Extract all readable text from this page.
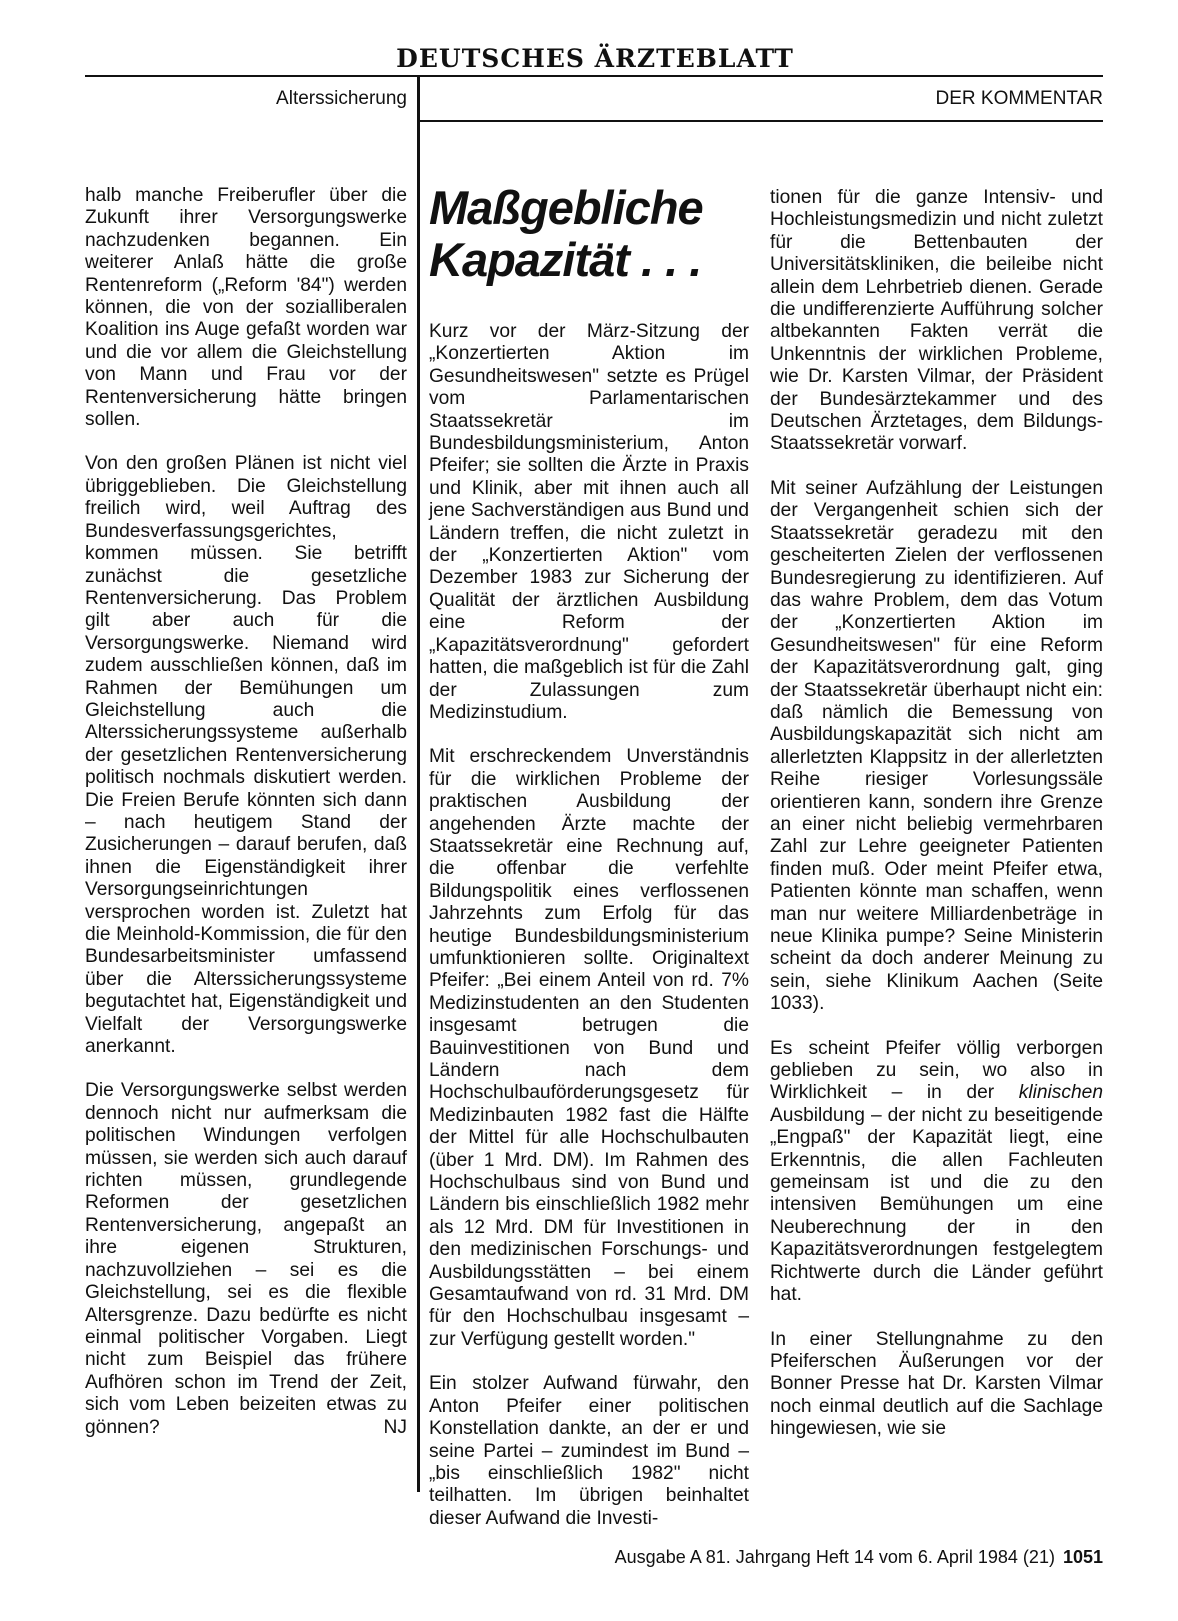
DEUTSCHES ÄRZTEBLATT
Alterssicherung	DER KOMMENTAR

halb manche Freiberufler über die Zukunft ihrer Versorgungswerke nachzudenken begannen. Ein weiterer Anlaß hätte die große Rentenreform („Reform '84") werden können, die von der sozialliberalen Koalition ins Auge gefaßt worden war und die vor allem die Gleichstellung von Mann und Frau vor der Rentenversicherung hätte bringen sollen.

Von den großen Plänen ist nicht viel übriggeblieben. Die Gleichstellung freilich wird, weil Auftrag des Bundesverfassungsgerichtes, kommen müssen. Sie betrifft zunächst die gesetzliche Rentenversicherung. Das Problem gilt aber auch für die Versorgungswerke. Niemand wird zudem ausschließen können, daß im Rahmen der Bemühungen um Gleichstellung auch die Alterssicherungssysteme außerhalb der gesetzlichen Rentenversicherung politisch nochmals diskutiert werden. Die Freien Berufe könnten sich dann – nach heutigem Stand der Zusicherungen – darauf berufen, daß ihnen die Eigenständigkeit ihrer Versorgungseinrichtungen versprochen worden ist. Zuletzt hat die Meinhold-Kommission, die für den Bundesarbeitsminister umfassend über die Alterssicherungssysteme begutachtet hat, Eigenständigkeit und Vielfalt der Versorgungswerke anerkannt.

Die Versorgungswerke selbst werden dennoch nicht nur aufmerksam die politischen Windungen verfolgen müssen, sie werden sich auch darauf richten müssen, grundlegende Reformen der gesetzlichen Rentenversicherung, angepaßt an ihre eigenen Strukturen, nachzuvollziehen – sei es die Gleichstellung, sei es die flexible Altersgrenze. Dazu bedürfte es nicht einmal politischer Vorgaben. Liegt nicht zum Beispiel das frühere Aufhören schon im Trend der Zeit, sich vom Leben beizeiten etwas zu gönnen?	NJ

Maßgebliche Kapazität . . .

Kurz vor der März-Sitzung der „Konzertierten Aktion im Gesundheitswesen" setzte es Prügel vom Parlamentarischen Staatssekretär im Bundesbildungsministerium, Anton Pfeifer; sie sollten die Ärzte in Praxis und Klinik, aber mit ihnen auch all jene Sachverständigen aus Bund und Ländern treffen, die nicht zuletzt in der „Konzertierten Aktion" vom Dezember 1983 zur Sicherung der Qualität der ärztlichen Ausbildung eine Reform der „Kapazitätsverordnung" gefordert hatten, die maßgeblich ist für die Zahl der Zulassungen zum Medizinstudium.

Mit erschreckendem Unverständnis für die wirklichen Probleme der praktischen Ausbildung der angehenden Ärzte machte der Staatssekretär eine Rechnung auf, die offenbar die verfehlte Bildungspolitik eines verflossenen Jahrzehnts zum Erfolg für das heutige Bundesbildungsministerium umfunktionieren sollte. Originaltext Pfeifer: „Bei einem Anteil von rd. 7% Medizinstudenten an den Studenten insgesamt betrugen die Bauinvestitionen von Bund und Ländern nach dem Hochschulbauförderungsgesetz für Medizinbauten 1982 fast die Hälfte der Mittel für alle Hochschulbauten (über 1 Mrd. DM). Im Rahmen des Hochschulbaus sind von Bund und Ländern bis einschließlich 1982 mehr als 12 Mrd. DM für Investitionen in den medizinischen Forschungs- und Ausbildungsstätten – bei einem Gesamtaufwand von rd. 31 Mrd. DM für den Hochschulbau insgesamt – zur Verfügung gestellt worden."

Ein stolzer Aufwand fürwahr, den Anton Pfeifer einer politischen Konstellation dankte, an der er und seine Partei – zumindest im Bund – „bis einschließlich 1982" nicht teilhatten. Im übrigen beinhaltet dieser Aufwand die Investi-

tionen für die ganze Intensiv- und Hochleistungsmedizin und nicht zuletzt für die Bettenbauten der Universitätskliniken, die beileibe nicht allein dem Lehrbetrieb dienen. Gerade die undifferenzierte Aufführung solcher altbekannten Fakten verrät die Unkenntnis der wirklichen Probleme, wie Dr. Karsten Vilmar, der Präsident der Bundesärztekammer und des Deutschen Ärztetages, dem Bildungs-Staatssekretär vorwarf.

Mit seiner Aufzählung der Leistungen der Vergangenheit schien sich der Staatssekretär geradezu mit den gescheiterten Zielen der verflossenen Bundesregierung zu identifizieren. Auf das wahre Problem, dem das Votum der „Konzertierten Aktion im Gesundheitswesen" für eine Reform der Kapazitätsverordnung galt, ging der Staatssekretär überhaupt nicht ein: daß nämlich die Bemessung von Ausbildungskapazität sich nicht am allerletzten Klappsitz in der allerletzten Reihe riesiger Vorlesungssäle orientieren kann, sondern ihre Grenze an einer nicht beliebig vermehrbaren Zahl zur Lehre geeigneter Patienten finden muß. Oder meint Pfeifer etwa, Patienten könnte man schaffen, wenn man nur weitere Milliardenbeträge in neue Klinika pumpe? Seine Ministerin scheint da doch anderer Meinung zu sein, siehe Klinikum Aachen (Seite 1033).

Es scheint Pfeifer völlig verborgen geblieben zu sein, wo also in Wirklichkeit – in der klinischen Ausbildung – der nicht zu beseitigende „Engpaß" der Kapazität liegt, eine Erkenntnis, die allen Fachleuten gemeinsam ist und die zu den intensiven Bemühungen um eine Neuberechnung der in den Kapazitätsverordnungen festgelegtem Richtwerte durch die Länder geführt hat.

In einer Stellungnahme zu den Pfeiferschen Äußerungen vor der Bonner Presse hat Dr. Karsten Vilmar noch einmal deutlich auf die Sachlage hingewiesen, wie sie

Ausgabe A 81. Jahrgang Heft 14 vom 6. April 1984 (21) 1051
